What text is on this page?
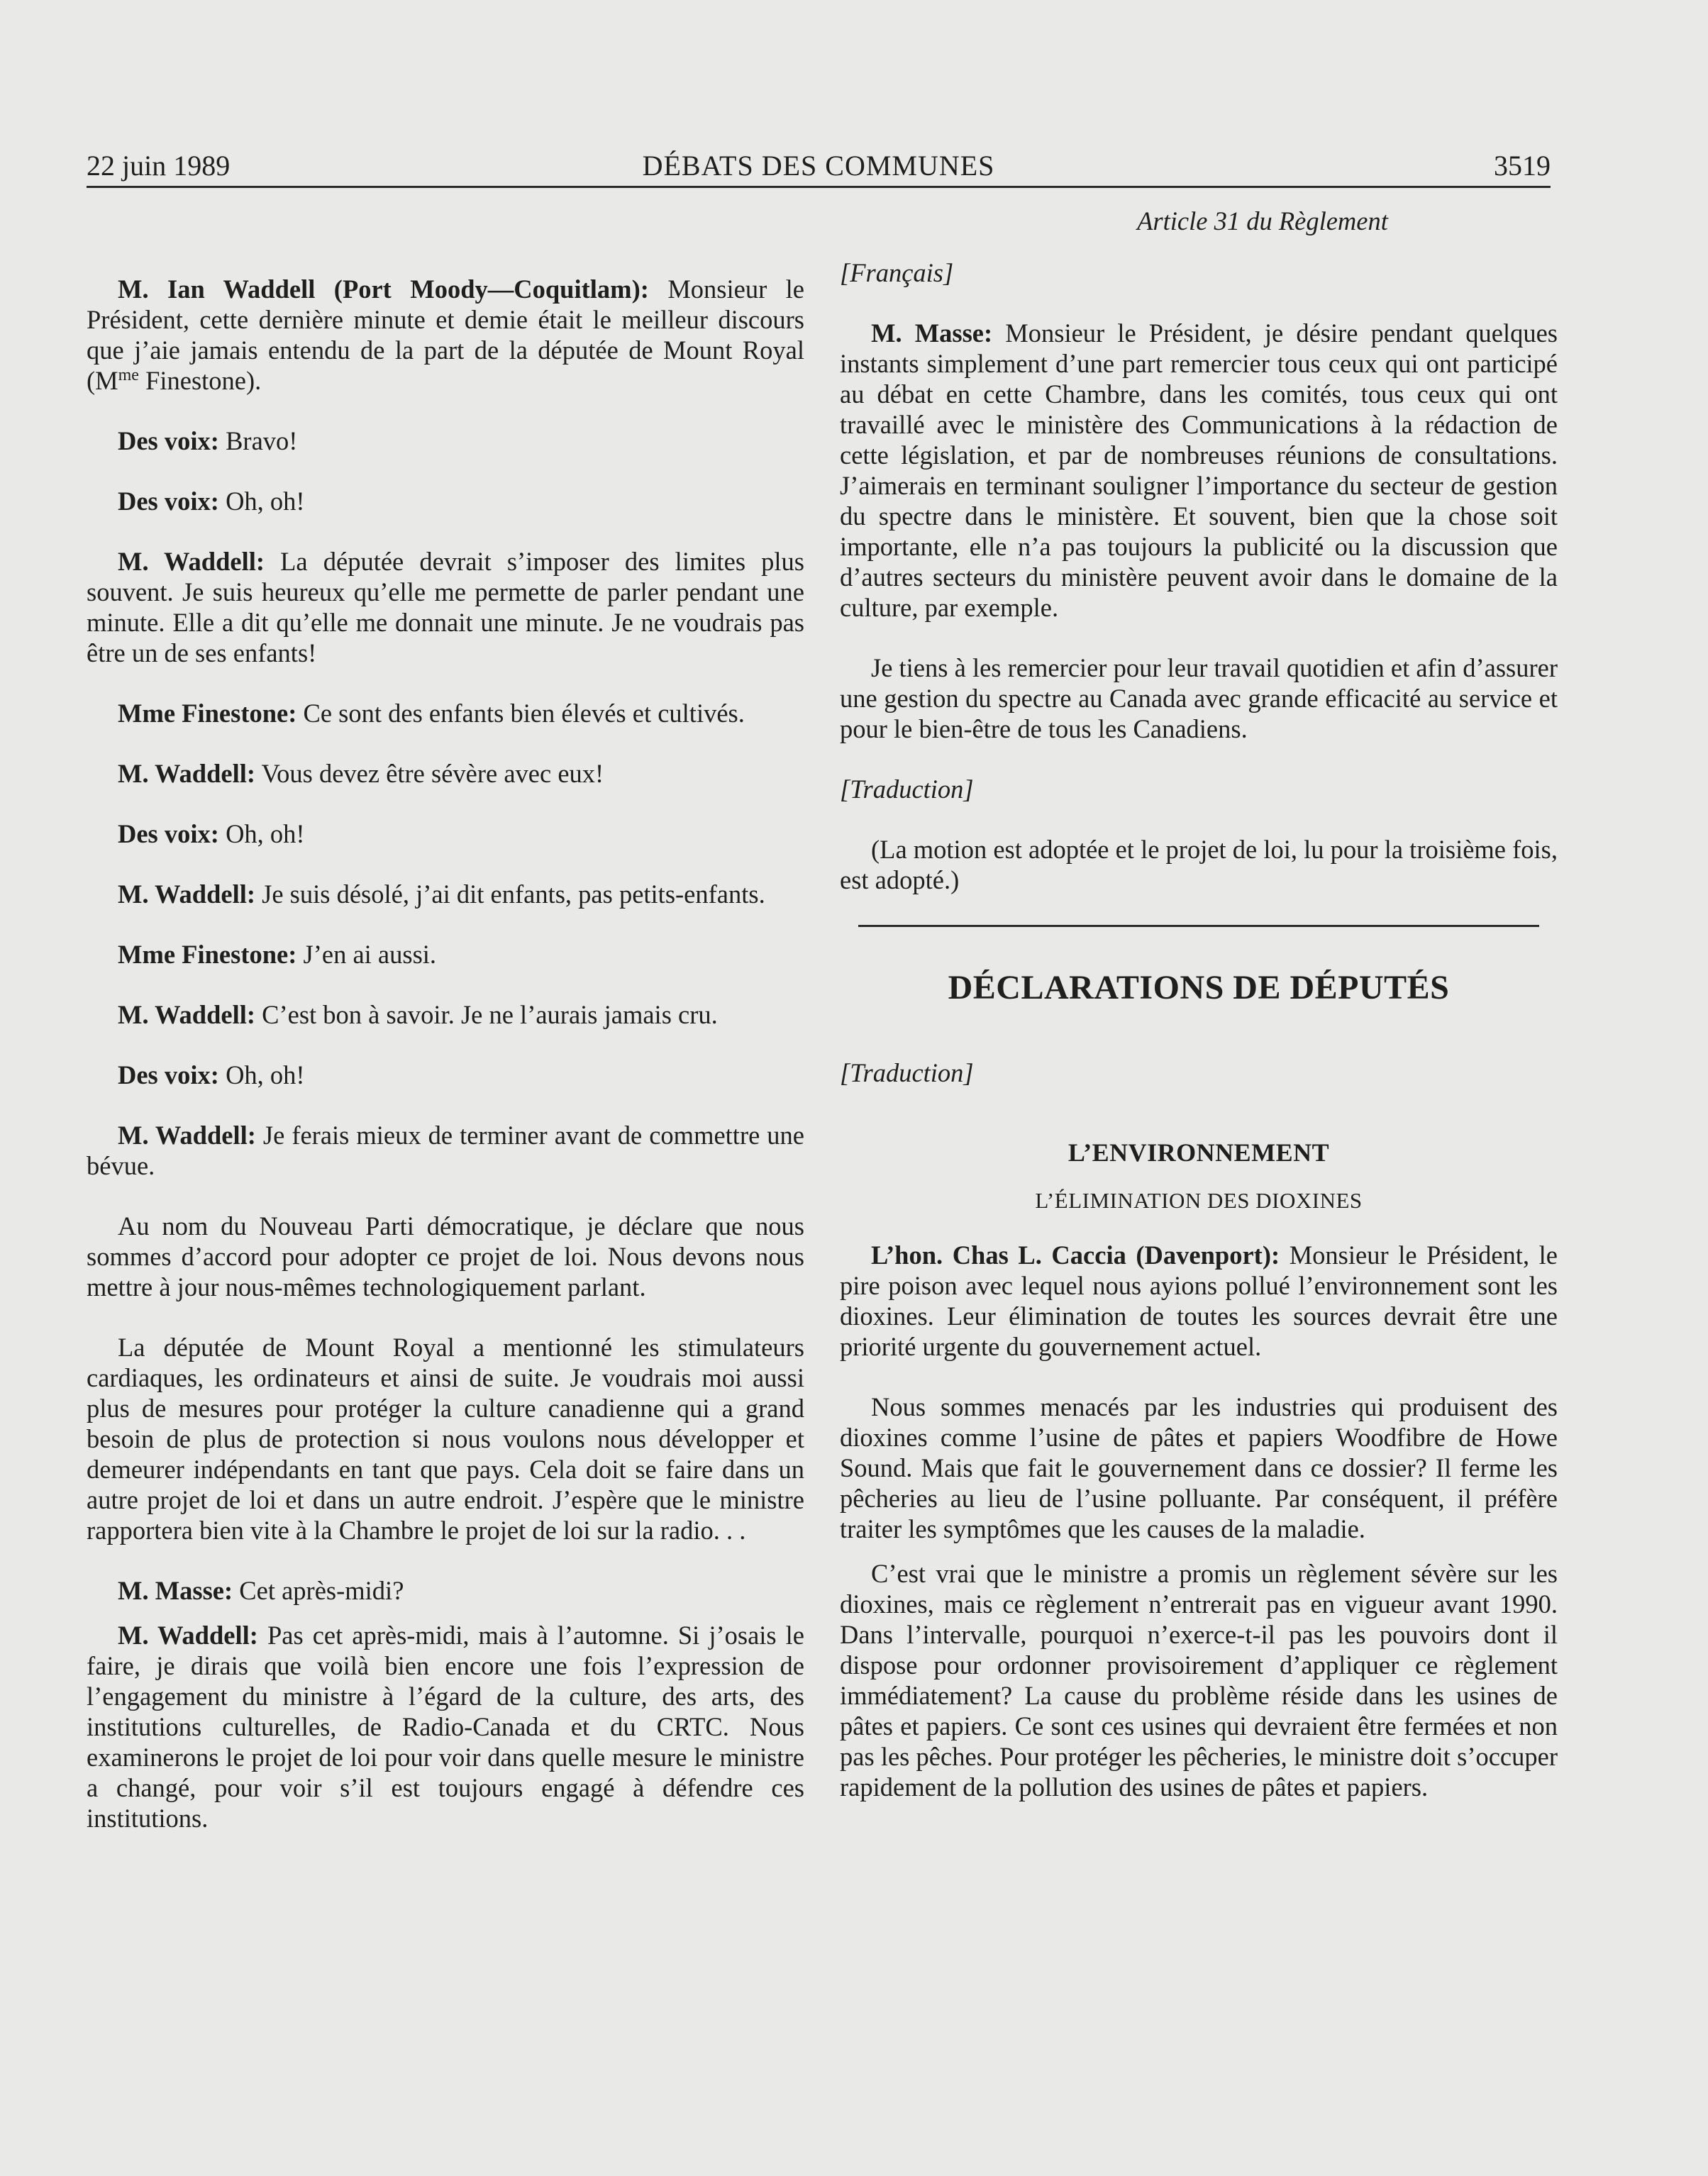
22 juin 1989	DÉBATS DES COMMUNES	3519

M. Ian Waddell (Port Moody—Coquitlam): Monsieur le Président, cette dernière minute et demie était le meilleur discours que j’aie jamais entendu de la part de la députée de Mount Royal ($M^{me}$ Finestone).

Des voix: Bravo!

Des voix: Oh, oh!

M. Waddell: La députée devrait s’imposer des limites plus souvent. Je suis heureux qu’elle me permette de parler pendant une minute. Elle a dit qu’elle me donnait une minute. Je ne voudrais pas être un de ses enfants!

Mme Finestone: Ce sont des enfants bien élevés et cultivés.

M. Waddell: Vous devez être sévère avec eux!

Des voix: Oh, oh!

M. Waddell: Je suis désolé, j’ai dit enfants, pas petits-enfants.

Mme Finestone: J’en ai aussi.

M. Waddell: C’est bon à savoir. Je ne l’aurais jamais cru.

Des voix: Oh, oh!

M. Waddell: Je ferais mieux de terminer avant de commettre une bévue.

Au nom du Nouveau Parti démocratique, je déclare que nous sommes d’accord pour adopter ce projet de loi. Nous devons nous mettre à jour nous-mêmes technologiquement parlant.

La députée de Mount Royal a mentionné les stimulateurs cardiaques, les ordinateurs et ainsi de suite. Je voudrais moi aussi plus de mesures pour protéger la culture canadienne qui a grand besoin de plus de protection si nous voulons nous développer et demeurer indépendants en tant que pays. Cela doit se faire dans un autre projet de loi et dans un autre endroit. J’espère que le ministre rapportera bien vite à la Chambre le projet de loi sur la radio. . .

M. Masse: Cet après-midi?

M. Waddell: Pas cet après-midi, mais à l’automne. Si j’osais le faire, je dirais que voilà bien encore une fois l’expression de l’engagement du ministre à l’égard de la culture, des arts, des institutions culturelles, de Radio-Canada et du CRTC. Nous examinerons le projet de loi pour voir dans quelle mesure le ministre a changé, pour voir s’il est toujours engagé à défendre ces institutions.

Article 31 du Règlement

[Français]

M. Masse: Monsieur le Président, je désire pendant quelques instants simplement d’une part remercier tous ceux qui ont participé au débat en cette Chambre, dans les comités, tous ceux qui ont travaillé avec le ministère des Communications à la rédaction de cette législation, et par de nombreuses réunions de consultations. J’aimerais en terminant souligner l’importance du secteur de gestion du spectre dans le ministère. Et souvent, bien que la chose soit importante, elle n’a pas toujours la publicité ou la discussion que d’autres secteurs du ministère peuvent avoir dans le domaine de la culture, par exemple.

Je tiens à les remercier pour leur travail quotidien et afin d’assurer une gestion du spectre au Canada avec grande efficacité au service et pour le bien-être de tous les Canadiens.

[Traduction]

(La motion est adoptée et le projet de loi, lu pour la troisième fois, est adopté.)

DÉCLARATIONS DE DÉPUTÉS

[Traduction]

L’ENVIRONNEMENT

L’ÉLIMINATION DES DIOXINES

L’hon. Chas L. Caccia (Davenport): Monsieur le Président, le pire poison avec lequel nous ayions pollué l’environnement sont les dioxines. Leur élimination de toutes les sources devrait être une priorité urgente du gouvernement actuel.

Nous sommes menacés par les industries qui produisent des dioxines comme l’usine de pâtes et papiers Woodfibre de Howe Sound. Mais que fait le gouvernement dans ce dossier? Il ferme les pêcheries au lieu de l’usine polluante. Par conséquent, il préfère traiter les symptômes que les causes de la maladie.

C’est vrai que le ministre a promis un règlement sévère sur les dioxines, mais ce règlement n’entrerait pas en vigueur avant 1990. Dans l’intervalle, pourquoi n’exerce-t-il pas les pouvoirs dont il dispose pour ordonner provisoirement d’appliquer ce règlement immédiatement? La cause du problème réside dans les usines de pâtes et papiers. Ce sont ces usines qui devraient être fermées et non pas les pêches. Pour protéger les pêcheries, le ministre doit s’occuper rapidement de la pollution des usines de pâtes et papiers.
